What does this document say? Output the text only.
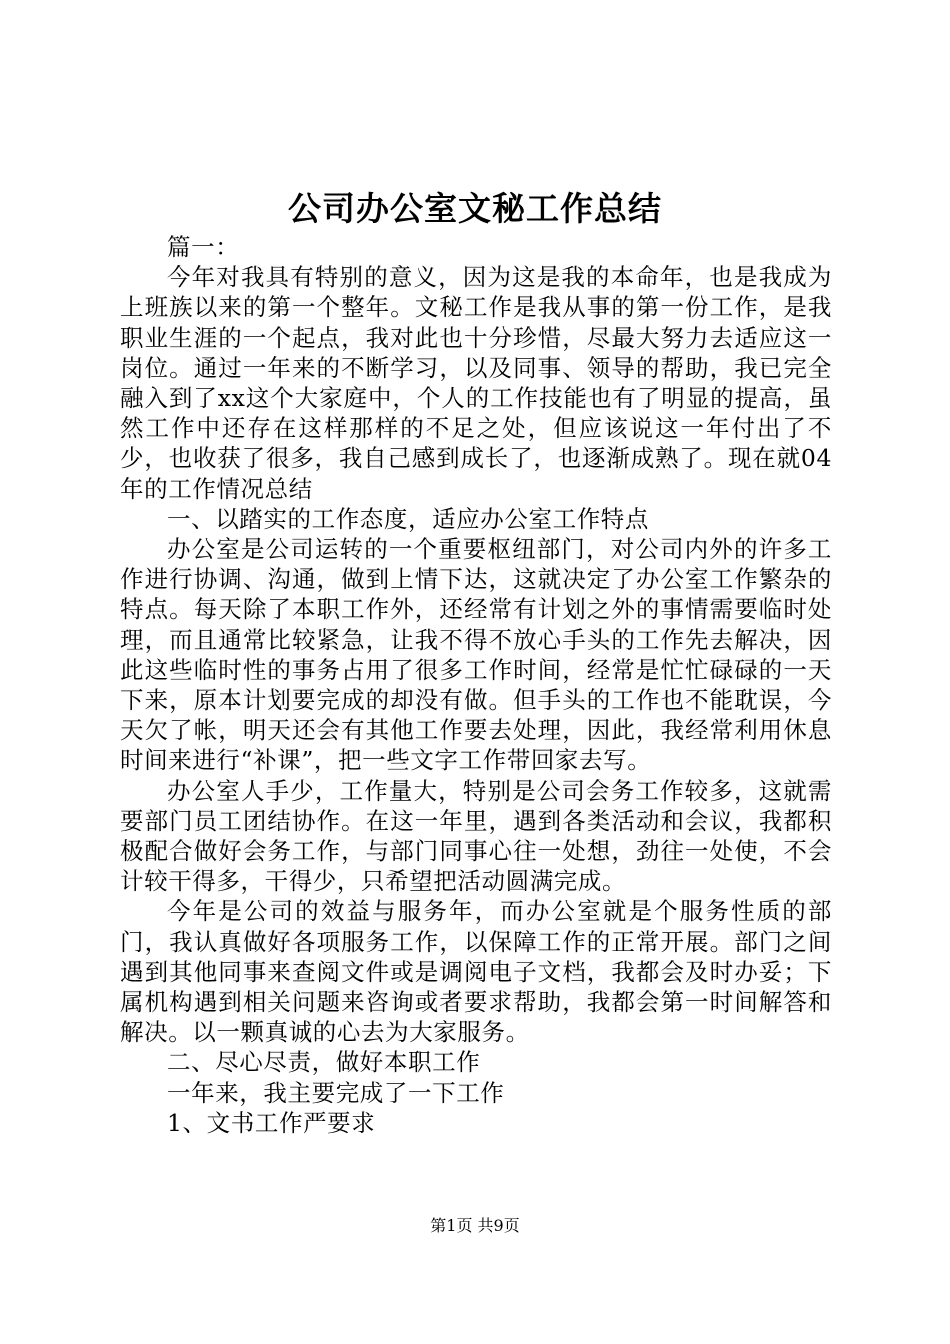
公司办公室文秘工作总结

篇一：

今年对我具有特别的意义，因为这是我的本命年，也是我成为上班族以来的第一个整年。文秘工作是我从事的第一份工作，是我职业生涯的一个起点，我对此也十分珍惜，尽最大努力去适应这一岗位。通过一年来的不断学习，以及同事、领导的帮助，我已完全融入到了xx这个大家庭中，个人的工作技能也有了明显的提高，虽然工作中还存在这样那样的不足之处，但应该说这一年付出了不少，也收获了很多，我自己感到成长了，也逐渐成熟了。现在就04年的工作情况总结

一、以踏实的工作态度，适应办公室工作特点

办公室是公司运转的一个重要枢纽部门，对公司内外的许多工作进行协调、沟通，做到上情下达，这就决定了办公室工作繁杂的特点。每天除了本职工作外，还经常有计划之外的事情需要临时处理，而且通常比较紧急，让我不得不放心手头的工作先去解决，因此这些临时性的事务占用了很多工作时间，经常是忙忙碌碌的一天下来，原本计划要完成的却没有做。但手头的工作也不能耽误，今天欠了帐，明天还会有其他工作要去处理，因此，我经常利用休息时间来进行“补课”，把一些文字工作带回家去写。

办公室人手少，工作量大，特别是公司会务工作较多，这就需要部门员工团结协作。在这一年里，遇到各类活动和会议，我都积极配合做好会务工作，与部门同事心往一处想，劲往一处使，不会计较干得多，干得少，只希望把活动圆满完成。

今年是公司的效益与服务年，而办公室就是个服务性质的部门，我认真做好各项服务工作，以保障工作的正常开展。部门之间遇到其他同事来查阅文件或是调阅电子文档，我都会及时办妥；下属机构遇到相关问题来咨询或者要求帮助，我都会第一时间解答和解决。以一颗真诚的心去为大家服务。

二、尽心尽责，做好本职工作

一年来，我主要完成了一下工作

1、文书工作严要求

第1页 共9页
